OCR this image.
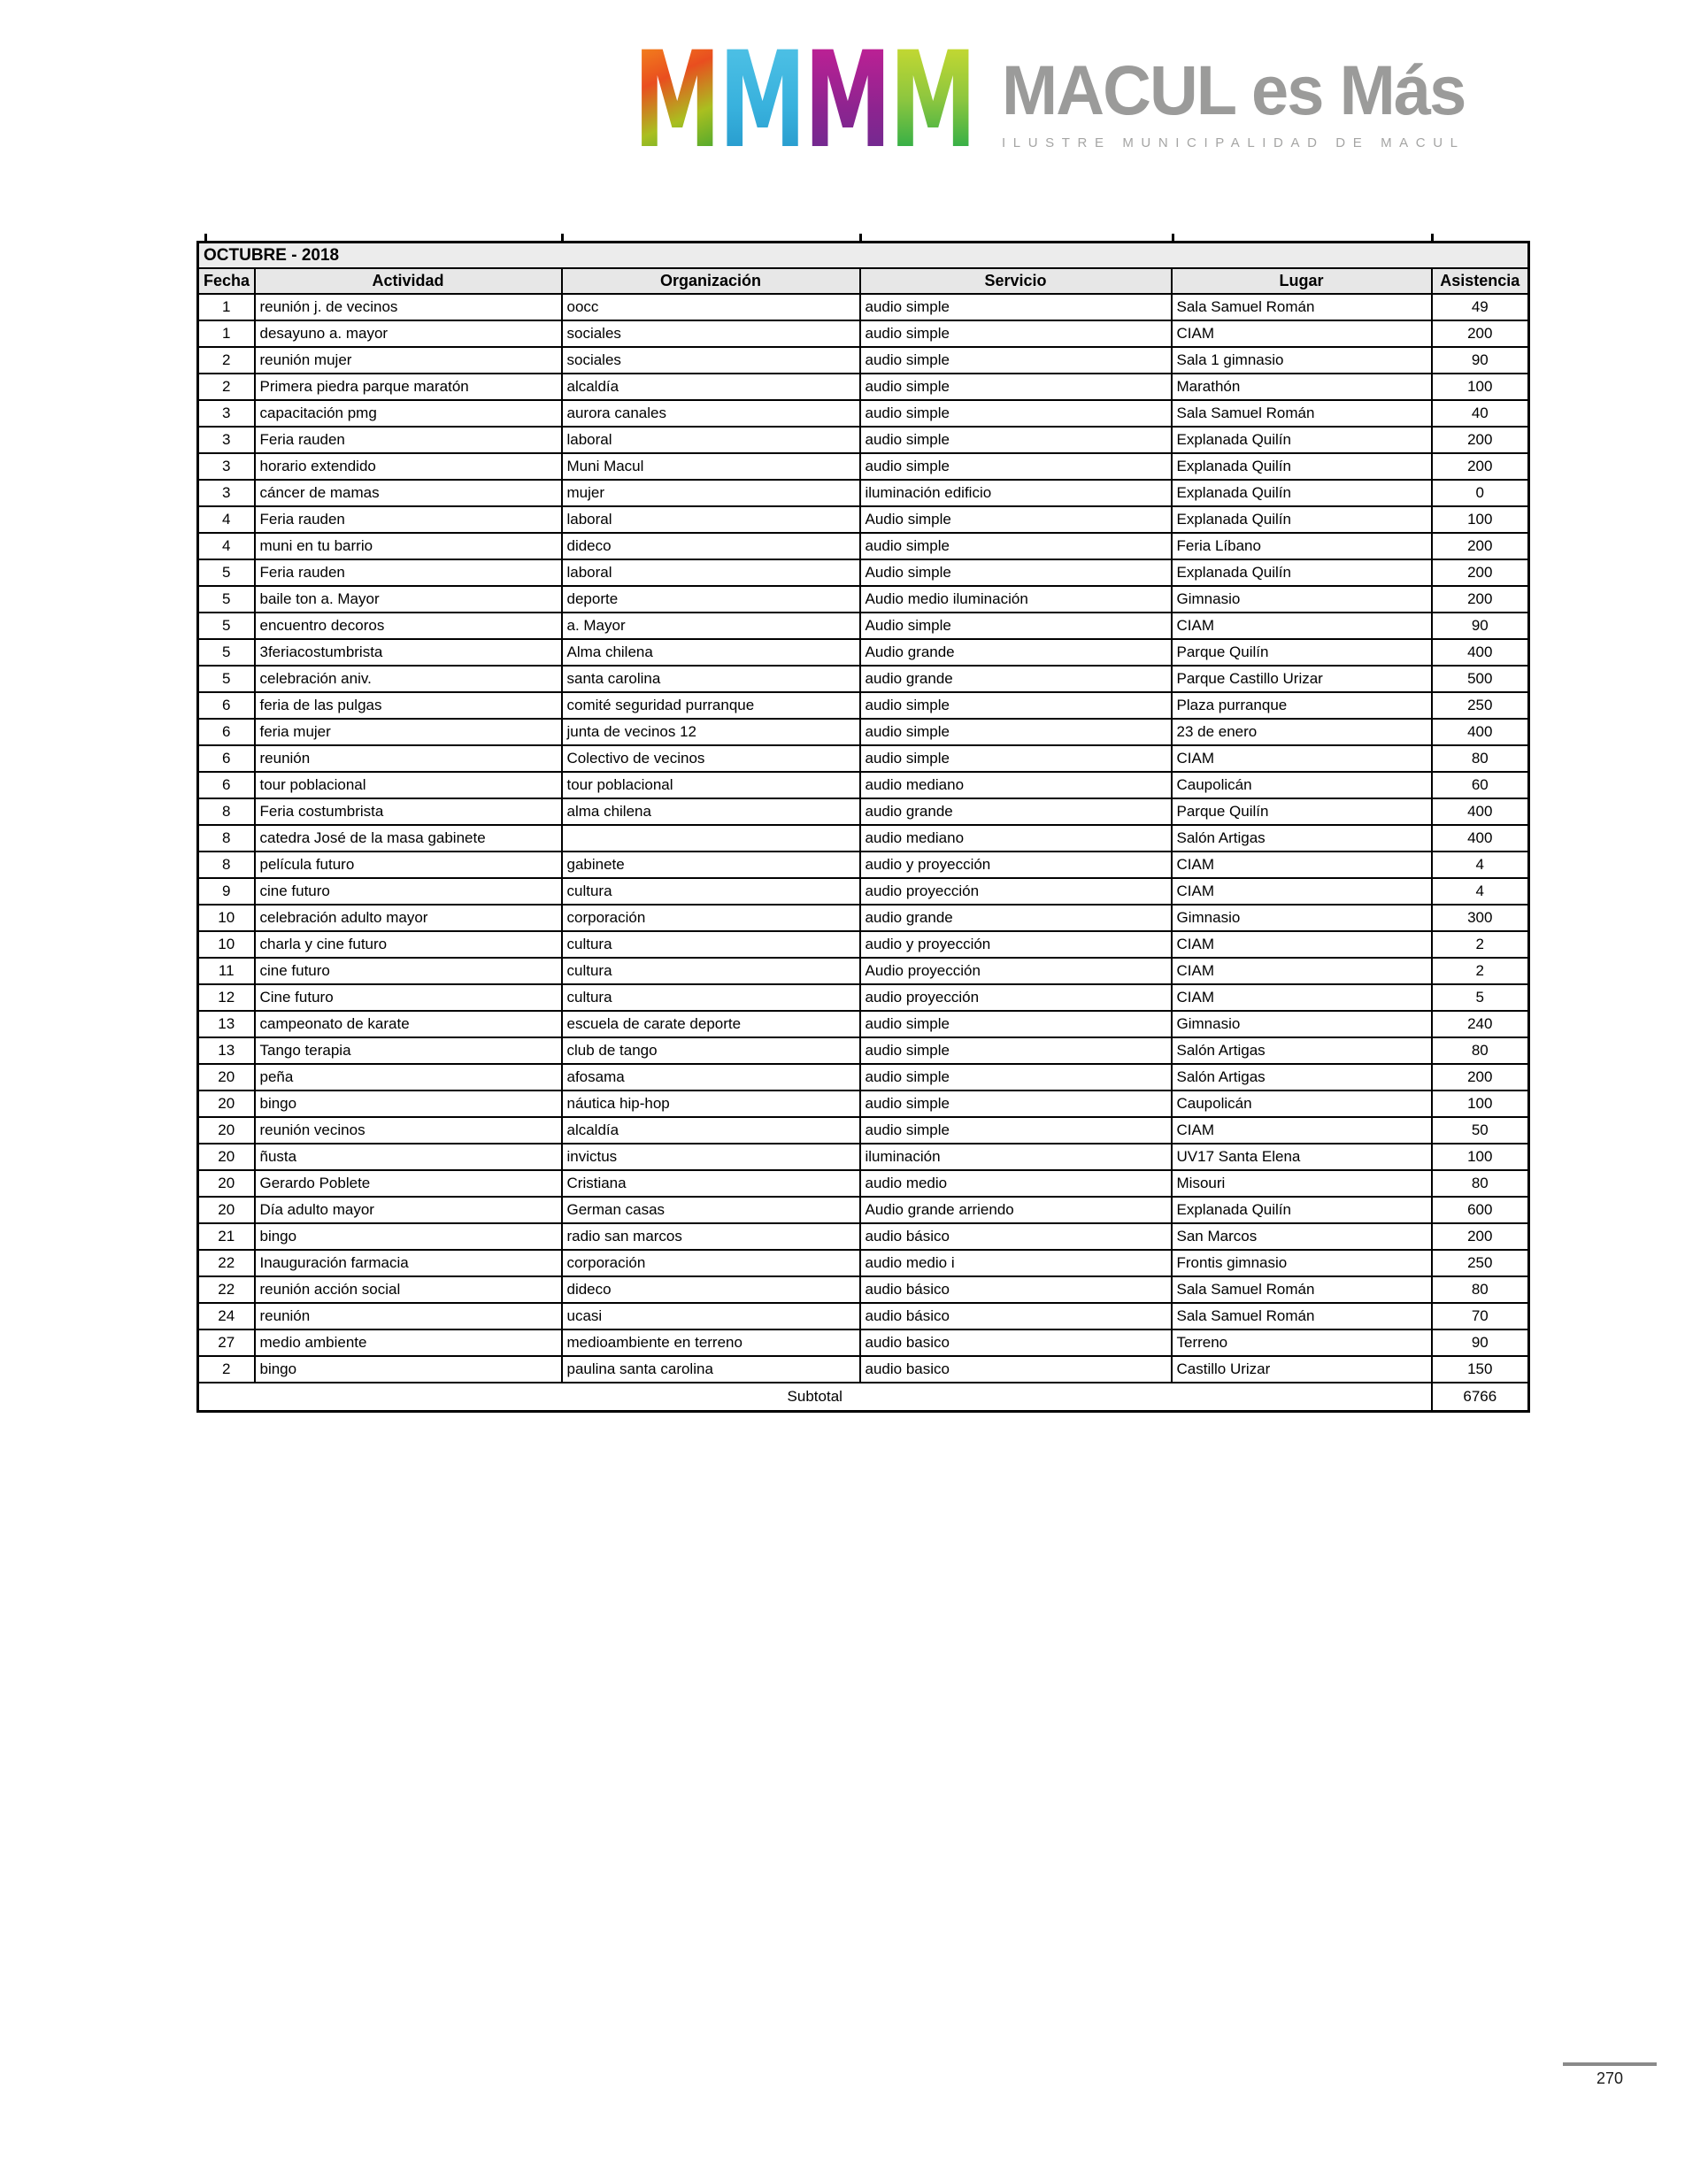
M
M
M
M MACUL es Más
ILUSTRE MUNICIPALIDAD DE MACUL
OCTUBRE - 2018					
Fecha	Actividad	Organización	Servicio	Lugar	Asistencia
1	reunión j. de vecinos	oocc	audio simple	Sala Samuel Román	49
1	desayuno a. mayor	sociales	audio simple	CIAM	200
2	reunión mujer	sociales	audio simple	Sala 1 gimnasio	90
2	Primera piedra parque maratón	alcaldía	audio simple	Marathón	100
3	capacitación pmg	aurora canales	audio simple	Sala Samuel Román	40
3	Feria rauden	laboral	audio simple	Explanada Quilín	200
3	horario extendido	Muni Macul	audio simple	Explanada Quilín	200
3	cáncer de mamas	mujer	iluminación edificio	Explanada Quilín	0
4	Feria rauden	laboral	Audio simple	Explanada Quilín	100
4	muni en tu barrio	dideco	audio simple	Feria Líbano	200
5	Feria rauden	laboral	Audio simple	Explanada Quilín	200
5	baile ton a. Mayor	deporte	Audio medio iluminación	Gimnasio	200
5	encuentro decoros	a. Mayor	Audio simple	CIAM	90
5	3feriacostumbrista	Alma chilena	Audio grande	Parque Quilín	400
5	celebración aniv.	santa carolina	audio grande	Parque Castillo Urizar	500
6	feria de las pulgas	comité seguridad purranque	audio simple	Plaza purranque	250
6	feria mujer	junta de vecinos 12	audio simple	23 de enero	400
6	reunión	Colectivo de vecinos	audio simple	CIAM	80
6	tour poblacional	tour poblacional	audio mediano	Caupolicán	60
8	Feria costumbrista	alma chilena	audio grande	Parque Quilín	400
8	catedra José de la masa gabinete		audio mediano	Salón Artigas	400
8	película futuro	gabinete	audio y proyección	CIAM	4
9	cine futuro	cultura	audio proyección	CIAM	4
10	celebración adulto mayor	corporación	audio grande	Gimnasio	300
10	charla y cine futuro	cultura	audio y proyección	CIAM	2
11	cine futuro	cultura	Audio proyección	CIAM	2
12	Cine futuro	cultura	audio proyección	CIAM	5
13	campeonato de karate	escuela de carate deporte	audio simple	Gimnasio	240
13	Tango terapia	club de tango	audio simple	Salón Artigas	80
20	peña	afosama	audio simple	Salón Artigas	200
20	bingo	náutica hip-hop	audio simple	Caupolicán	100
20	reunión vecinos	alcaldía	audio simple	CIAM	50
20	ñusta	invictus	iluminación	UV17 Santa Elena	100
20	Gerardo Poblete	Cristiana	audio medio	Misouri	80
20	Día adulto mayor	German casas	Audio grande arriendo	Explanada Quilín	600
21	bingo	radio san marcos	audio básico	San Marcos	200
22	Inauguración farmacia	corporación	audio medio i	Frontis gimnasio	250
22	reunión acción social	dideco	audio básico	Sala Samuel Román	80
24	reunión	ucasi	audio básico	Sala Samuel Román	70
27	medio ambiente	medioambiente en terreno	audio basico	Terreno	90
2	bingo	paulina santa carolina	audio basico	Castillo Urizar	150
Subtotal					6766
270
